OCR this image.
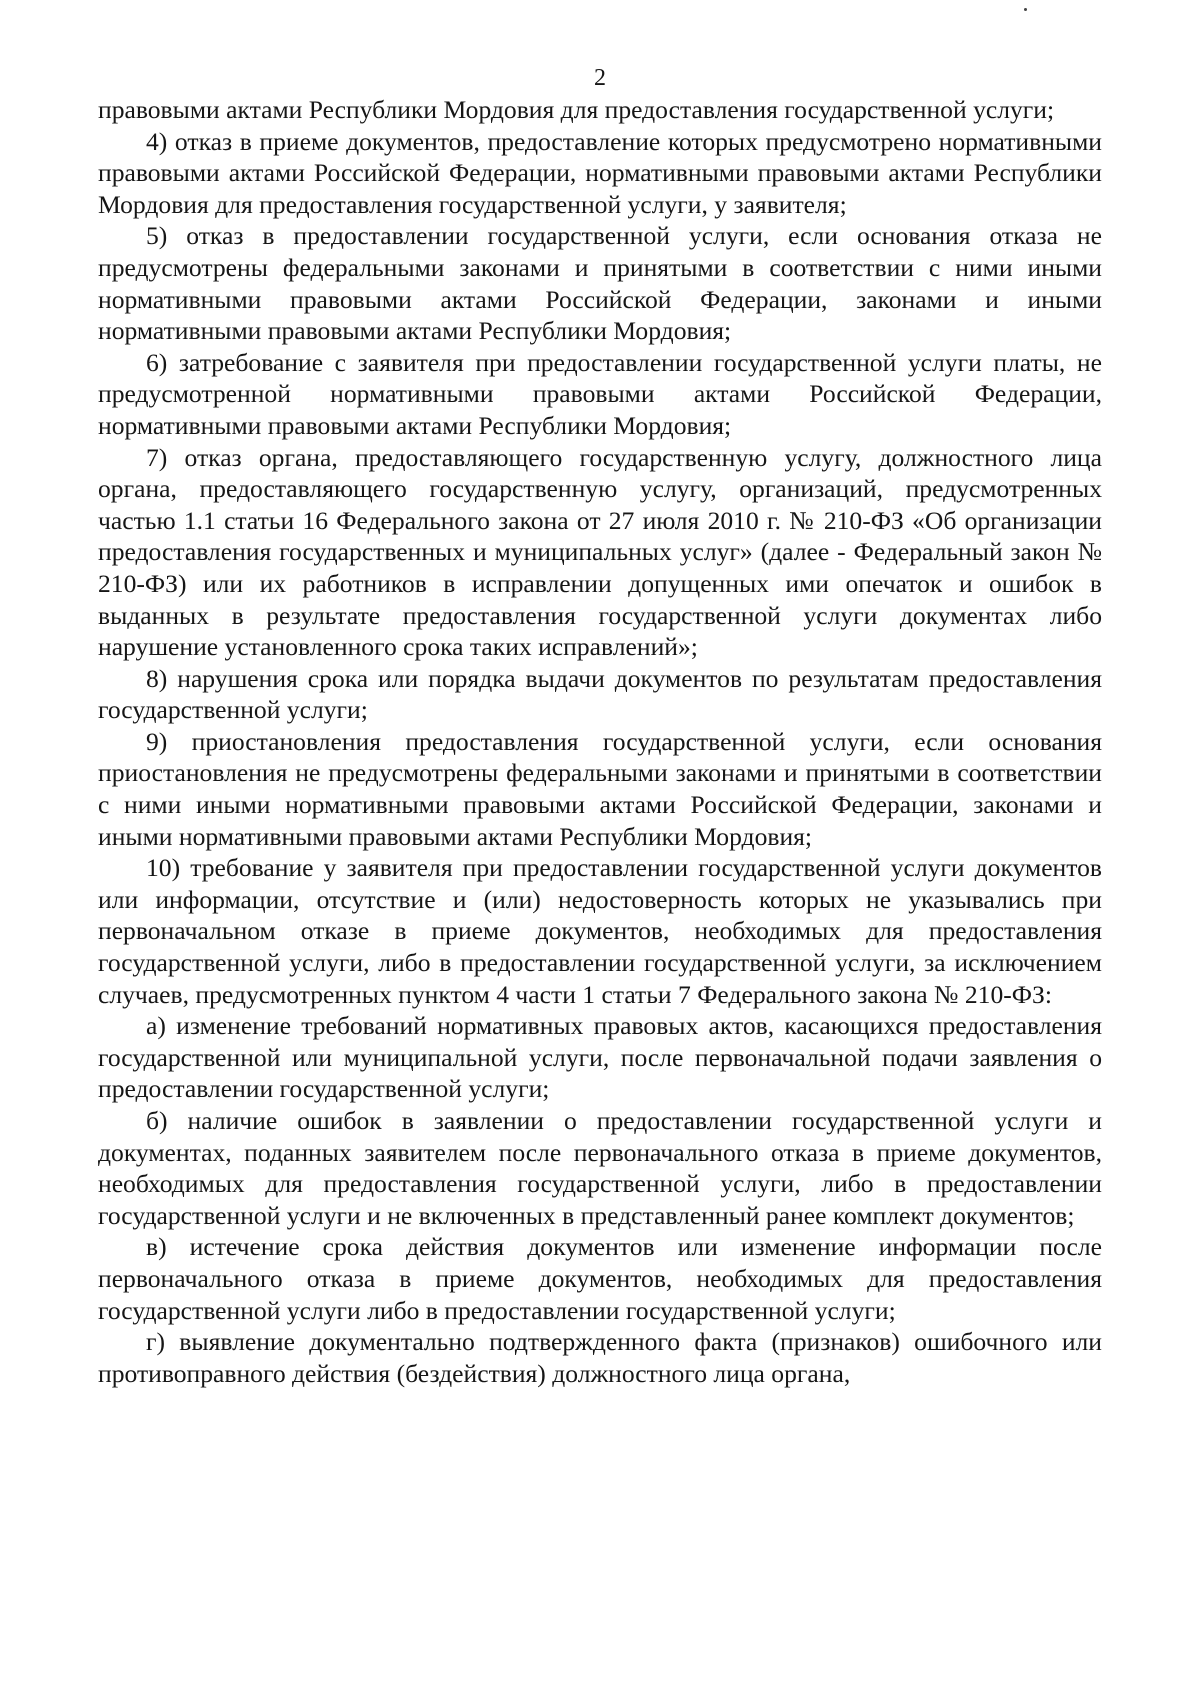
2

правовыми актами Республики Мордовия для предоставления государственной услуги;

4) отказ в приеме документов, предоставление которых предусмотрено нормативными правовыми актами Российской Федерации, нормативными правовыми актами Республики Мордовия для предоставления государственной услуги, у заявителя;

5) отказ в предоставлении государственной услуги, если основания отказа не предусмотрены федеральными законами и принятыми в соответствии с ними иными нормативными правовыми актами Российской Федерации, законами и иными нормативными правовыми актами Республики Мордовия;

6) затребование с заявителя при предоставлении государственной услуги платы, не предусмотренной нормативными правовыми актами Российской Федерации, нормативными правовыми актами Республики Мордовия;

7) отказ органа, предоставляющего государственную услугу, должностного лица органа, предоставляющего государственную услугу, организаций, предусмотренных частью 1.1 статьи 16 Федерального закона от 27 июля 2010 г. № 210-ФЗ «Об организации предоставления государственных и муниципальных услуг» (далее - Федеральный закон № 210-ФЗ) или их работников в исправлении допущенных ими опечаток и ошибок в выданных в результате предоставления государственной услуги документах либо нарушение установленного срока таких исправлений»;

8) нарушения срока или порядка выдачи документов по результатам предоставления государственной услуги;

9) приостановления предоставления государственной услуги, если основания приостановления не предусмотрены федеральными законами и принятыми в соответствии с ними иными нормативными правовыми актами Российской Федерации, законами и иными нормативными правовыми актами Республики Мордовия;

10) требование у заявителя при предоставлении государственной услуги документов или информации, отсутствие и (или) недостоверность которых не указывались при первоначальном отказе в приеме документов, необходимых для предоставления государственной услуги, либо в предоставлении государственной услуги, за исключением случаев, предусмотренных пунктом 4 части 1 статьи 7 Федерального закона № 210-ФЗ:

а) изменение требований нормативных правовых актов, касающихся предоставления государственной или муниципальной услуги, после первоначальной подачи заявления о предоставлении государственной услуги;

б) наличие ошибок в заявлении о предоставлении государственной услуги и документах, поданных заявителем после первоначального отказа в приеме документов, необходимых для предоставления государственной услуги, либо в предоставлении государственной услуги и не включенных в представленный ранее комплект документов;

в) истечение срока действия документов или изменение информации после первоначального отказа в приеме документов, необходимых для предоставления государственной услуги либо в предоставлении государственной услуги;

г) выявление документально подтвержденного факта (признаков) ошибочного или противоправного действия (бездействия) должностного лица органа,
